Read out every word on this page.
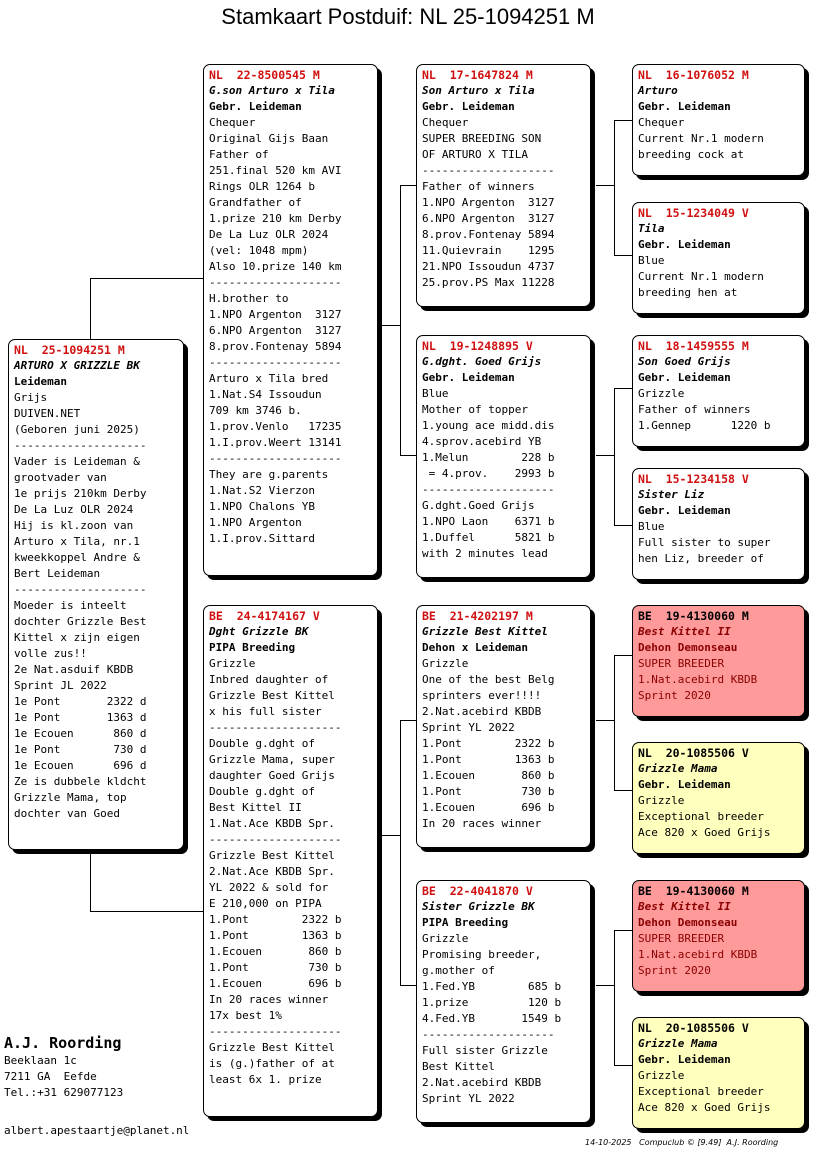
Stamkaart Postduif: NL 25-1094251 M
NL  25-1094251 M
ARTURO X GRIZZLE BK
Leideman
Grijs
DUIVEN.NET
(Geboren juni 2025)
--------------------
Vader is Leideman &
grootvader van
1e prijs 210km Derby
De La Luz OLR 2024
Hij is kl.zoon van
Arturo x Tila, nr.1
kweekkoppel Andre &
Bert Leideman
--------------------
Moeder is inteelt
dochter Grizzle Best
Kittel x zijn eigen
volle zus!!
2e Nat.asduif KBDB
Sprint JL 2022
1e Pont       2322 d
1e Pont       1363 d
1e Ecouen      860 d
1e Pont        730 d
1e Ecouen      696 d
Ze is dubbele kldcht
Grizzle Mama, top
dochter van Goed
NL  22-8500545 M
G.son Arturo x Tila
Gebr. Leideman
Chequer
Original Gijs Baan
Father of
251.final 520 km AVI
Rings OLR 1264 b
Grandfather of
1.prize 210 km Derby
De La Luz OLR 2024
(vel: 1048 mpm)
Also 10.prize 140 km
--------------------
H.brother to
1.NPO Argenton  3127
6.NPO Argenton  3127
8.prov.Fontenay 5894
--------------------
Arturo x Tila bred
1.Nat.S4 Issoudun
709 km 3746 b.
1.prov.Venlo   17235
1.I.prov.Weert 13141
--------------------
They are g.parents
1.Nat.S2 Vierzon
1.NPO Chalons YB
1.NPO Argenton
1.I.prov.Sittard
BE  24-4174167 V
Dght Grizzle BK
PIPA Breeding
Grizzle
Inbred daughter of
Grizzle Best Kittel
x his full sister
--------------------
Double g.dght of
Grizzle Mama, super
daughter Goed Grijs
Double g.dght of
Best Kittel II
1.Nat.Ace KBDB Spr.
--------------------
Grizzle Best Kittel
2.Nat.Ace KBDB Spr.
YL 2022 & sold for
E 210,000 on PIPA
1.Pont        2322 b
1.Pont        1363 b
1.Ecouen       860 b
1.Pont         730 b
1.Ecouen       696 b
In 20 races winner
17x best 1%
--------------------
Grizzle Best Kittel
is (g.)father of at
least 6x 1. prize
NL  17-1647824 M
Son Arturo x Tila
Gebr. Leideman
Chequer
SUPER BREEDING SON
OF ARTURO X TILA
--------------------
Father of winners
1.NPO Argenton  3127
6.NPO Argenton  3127
8.prov.Fontenay 5894
11.Quievrain    1295
21.NPO Issoudun 4737
25.prov.PS Max 11228
NL  19-1248895 V
G.dght. Goed Grijs
Gebr. Leideman
Blue
Mother of topper
1.young ace midd.dis
4.sprov.acebird YB
1.Melun        228 b
= 4.prov.    2993 b
--------------------
G.dght.Goed Grijs
1.NPO Laon    6371 b
1.Duffel      5821 b
with 2 minutes lead
BE  21-4202197 M
Grizzle Best Kittel
Dehon x Leideman
Grizzle
One of the best Belg
sprinters ever!!!!
2.Nat.acebird KBDB
Sprint YL 2022
1.Pont        2322 b
1.Pont        1363 b
1.Ecouen       860 b
1.Pont         730 b
1.Ecouen       696 b
In 20 races winner
BE  22-4041870 V
Sister Grizzle BK
PIPA Breeding
Grizzle
Promising breeder,
g.mother of
1.Fed.YB        685 b
1.prize         120 b
4.Fed.YB       1549 b
--------------------
Full sister Grizzle
Best Kittel
2.Nat.acebird KBDB
Sprint YL 2022
NL  16-1076052 M
Arturo
Gebr. Leideman
Chequer
Current Nr.1 modern
breeding cock at
NL  15-1234049 V
Tila
Gebr. Leideman
Blue
Current Nr.1 modern
breeding hen at
NL  18-1459555 M
Son Goed Grijs
Gebr. Leideman
Grizzle
Father of winners
1.Gennep      1220 b
NL  15-1234158 V
Sister Liz
Gebr. Leideman
Blue
Full sister to super
hen Liz, breeder of
BE  19-4130060 M
Best Kittel II
Dehon Demonseau
SUPER BREEDER
1.Nat.acebird KBDB
Sprint 2020
NL  20-1085506 V
Grizzle Mama
Gebr. Leideman
Grizzle
Exceptional breeder
Ace 820 x Goed Grijs
BE  19-4130060 M
Best Kittel II
Dehon Demonseau
SUPER BREEDER
1.Nat.acebird KBDB
Sprint 2020
NL  20-1085506 V
Grizzle Mama
Gebr. Leideman
Grizzle
Exceptional breeder
Ace 820 x Goed Grijs
A.J. Roording
Beeklaan 1c
7211 GA  Eefde
Tel.:+31 629077123
albert.apestaartje@planet.nl
14-10-2025   Compuclub © [9.49]  A.J. Roording
